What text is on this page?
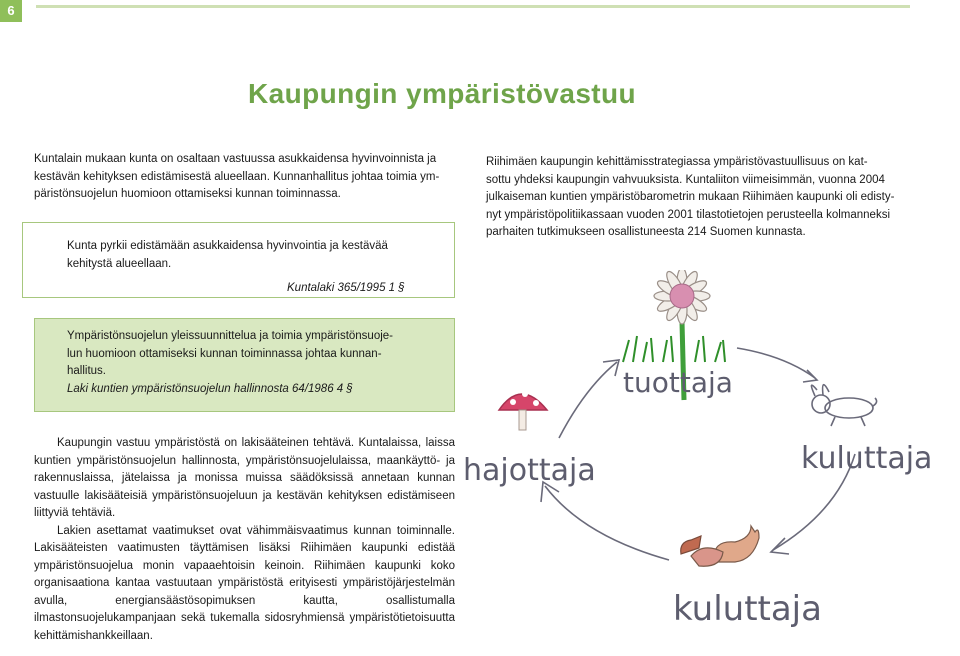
6
Kaupungin ympäristövastuu
Kuntalain mukaan kunta on osaltaan vastuussa asukkaidensa hyvinvoinnista ja
kestävän kehityksen edistämisestä alueellaan. Kunnanhallitus johtaa toimia ym-
päristönsuojelun huomioon ottamiseksi kunnan toiminnassa.
Kunta pyrkii edistämään asukkaidensa hyvinvointia ja kestävää
kehitystä alueellaan.

Kuntalaki 365/1995 1 §

Riihimäen kaupungin kehittämisstrategiassa ympäristövastuullisuus on kat-
sottu yhdeksi kaupungin vahvuuksista. Kuntaliiton viimeisimmän, vuonna 2004
julkaiseman kuntien ympäristöbarometrin mukaan Riihimäen kaupunki oli edisty-
nyt ympäristöpolitiikassaan vuoden 2001 tilastotietojen perusteella kolmanneksi
parhaiten tutkimukseen osallistuneesta 214 Suomen kunnasta.
Ympäristönsuojelun yleissuunnittelua ja toimia ympäristönsuoje-
lun huomioon ottamiseksi kunnan toiminnassa johtaa kunnan-
hallitus.

Laki kuntien ympäristönsuojelun hallinnosta 64/1986 4 §

Kaupungin vastuu ympäristöstä on lakisääteinen tehtävä. Kuntalaissa, laissa kuntien ympäristönsuojelun hallinnosta, ympäristönsuojelulaissa, maankäyttö- ja rakennuslaissa, jätelaissa ja monissa muissa säädöksissä annetaan kunnan vastuulle lakisääteisiä ympäristönsuojeluun ja kestävän kehityksen edistämiseen liittyviä tehtäviä.

Lakien asettamat vaatimukset ovat vähimmäisvaatimus kunnan toiminnalle. Lakisääteisten vaatimusten täyttämisen lisäksi Riihimäen kaupunki edistää ympäristönsuojelua monin vapaaehtoisin keinoin. Riihimäen kaupunki koko organisaationa kantaa vastuutaan ympäristöstä erityisesti ympäristöjärjestelmän avulla, energiansäästösopimuksen kautta, osallistumalla ilmastonsuojelukampanjaan sekä tukemalla sidosryhmiensä ympäristötietoisuutta kehittämishankkeillaan.

tuottaja
hajottaja	kuluttaja
kuluttaja
